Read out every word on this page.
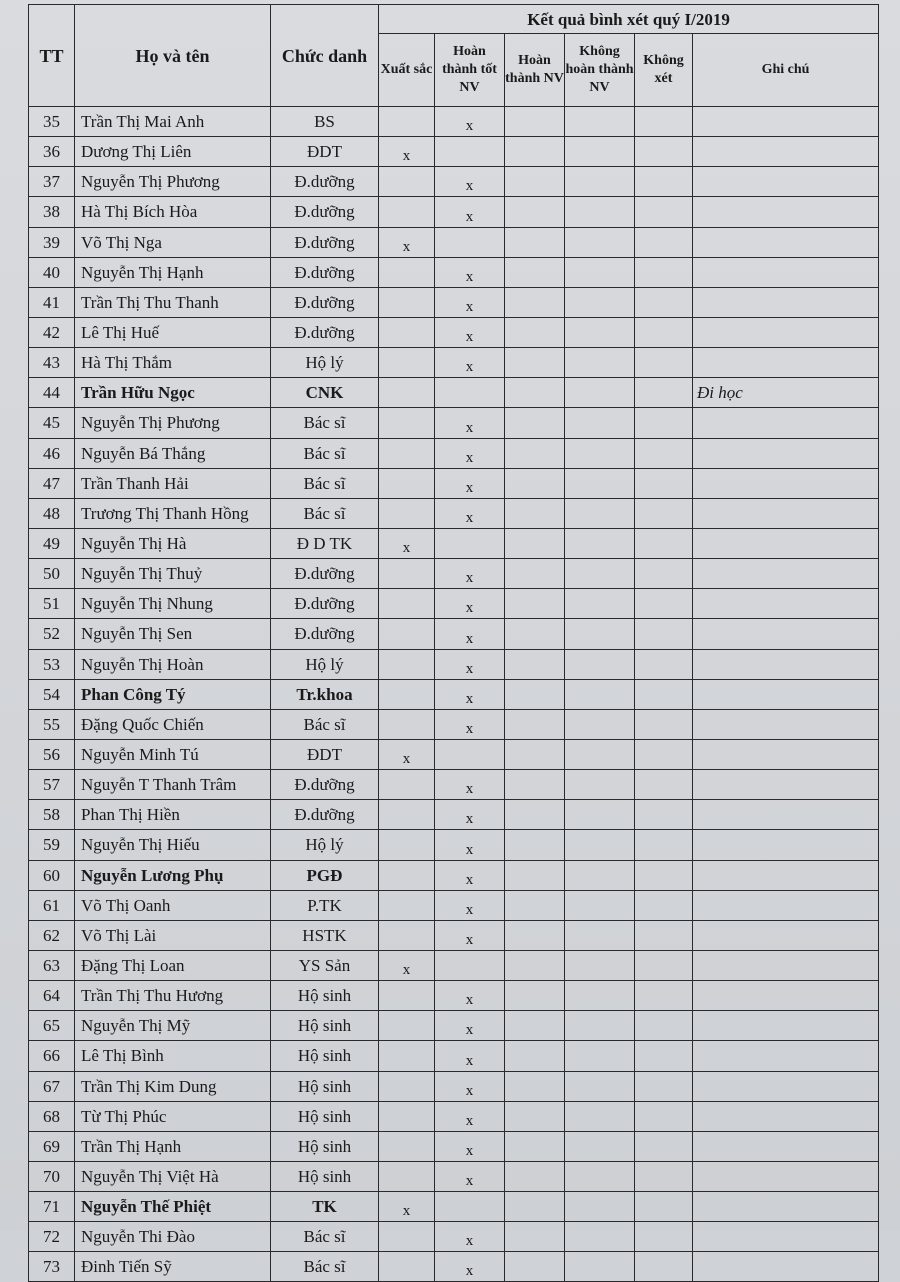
TT	Họ và tên	Chức danh	Kết quả bình xét quý I/2019					
			Xuất sắc	Hoàn thành tốt NV	Hoàn thành NV	Không hoàn thành NV	Không xét	Ghi chú
35	Trần Thị Mai Anh	BS		x				
36	Dương Thị Liên	ĐDT	x					
37	Nguyễn Thị Phương	Đ.dưỡng		x				
38	Hà Thị Bích Hòa	Đ.dưỡng		x				
39	Võ Thị Nga	Đ.dưỡng	x					
40	Nguyễn Thị Hạnh	Đ.dưỡng		x				
41	Trần Thị Thu Thanh	Đ.dưỡng		x				
42	Lê Thị Huế	Đ.dưỡng		x				
43	Hà Thị Thắm	Hộ lý		x				
44	Trần Hữu Ngọc	CNK						Đi học
45	Nguyễn Thị Phương	Bác sĩ		x				
46	Nguyễn Bá Thắng	Bác sĩ		x				
47	Trần Thanh Hải	Bác sĩ		x				
48	Trương Thị Thanh Hồng	Bác sĩ		x				
49	Nguyễn Thị Hà	Đ D TK	x					
50	Nguyễn Thị Thuỷ	Đ.dưỡng		x				
51	Nguyễn Thị Nhung	Đ.dưỡng		x				
52	Nguyễn Thị Sen	Đ.dưỡng		x				
53	Nguyễn Thị Hoàn	Hộ lý		x				
54	Phan Công Tý	Tr.khoa		x				
55	Đặng Quốc Chiến	Bác sĩ		x				
56	Nguyễn Minh Tú	ĐDT	x					
57	Nguyễn T Thanh Trâm	Đ.dưỡng		x				
58	Phan Thị Hiền	Đ.dưỡng		x				
59	Nguyễn Thị Hiếu	Hộ lý		x				
60	Nguyễn Lương Phụ	PGĐ		x				
61	Võ Thị Oanh	P.TK		x				
62	Võ Thị Lài	HSTK		x				
63	Đặng Thị Loan	YS Sản	x					
64	Trần Thị Thu Hương	Hộ sinh		x				
65	Nguyễn Thị Mỹ	Hộ sinh		x				
66	Lê Thị Bình	Hộ sinh		x				
67	Trần Thị Kim Dung	Hộ sinh		x				
68	Từ Thị Phúc	Hộ sinh		x				
69	Trần Thị Hạnh	Hộ sinh		x				
70	Nguyễn Thị Việt Hà	Hộ sinh		x				
71	Nguyễn Thế Phiệt	TK	x					
72	Nguyễn Thi Đào	Bác sĩ		x				
73	Đinh Tiến Sỹ	Bác sĩ		x				
